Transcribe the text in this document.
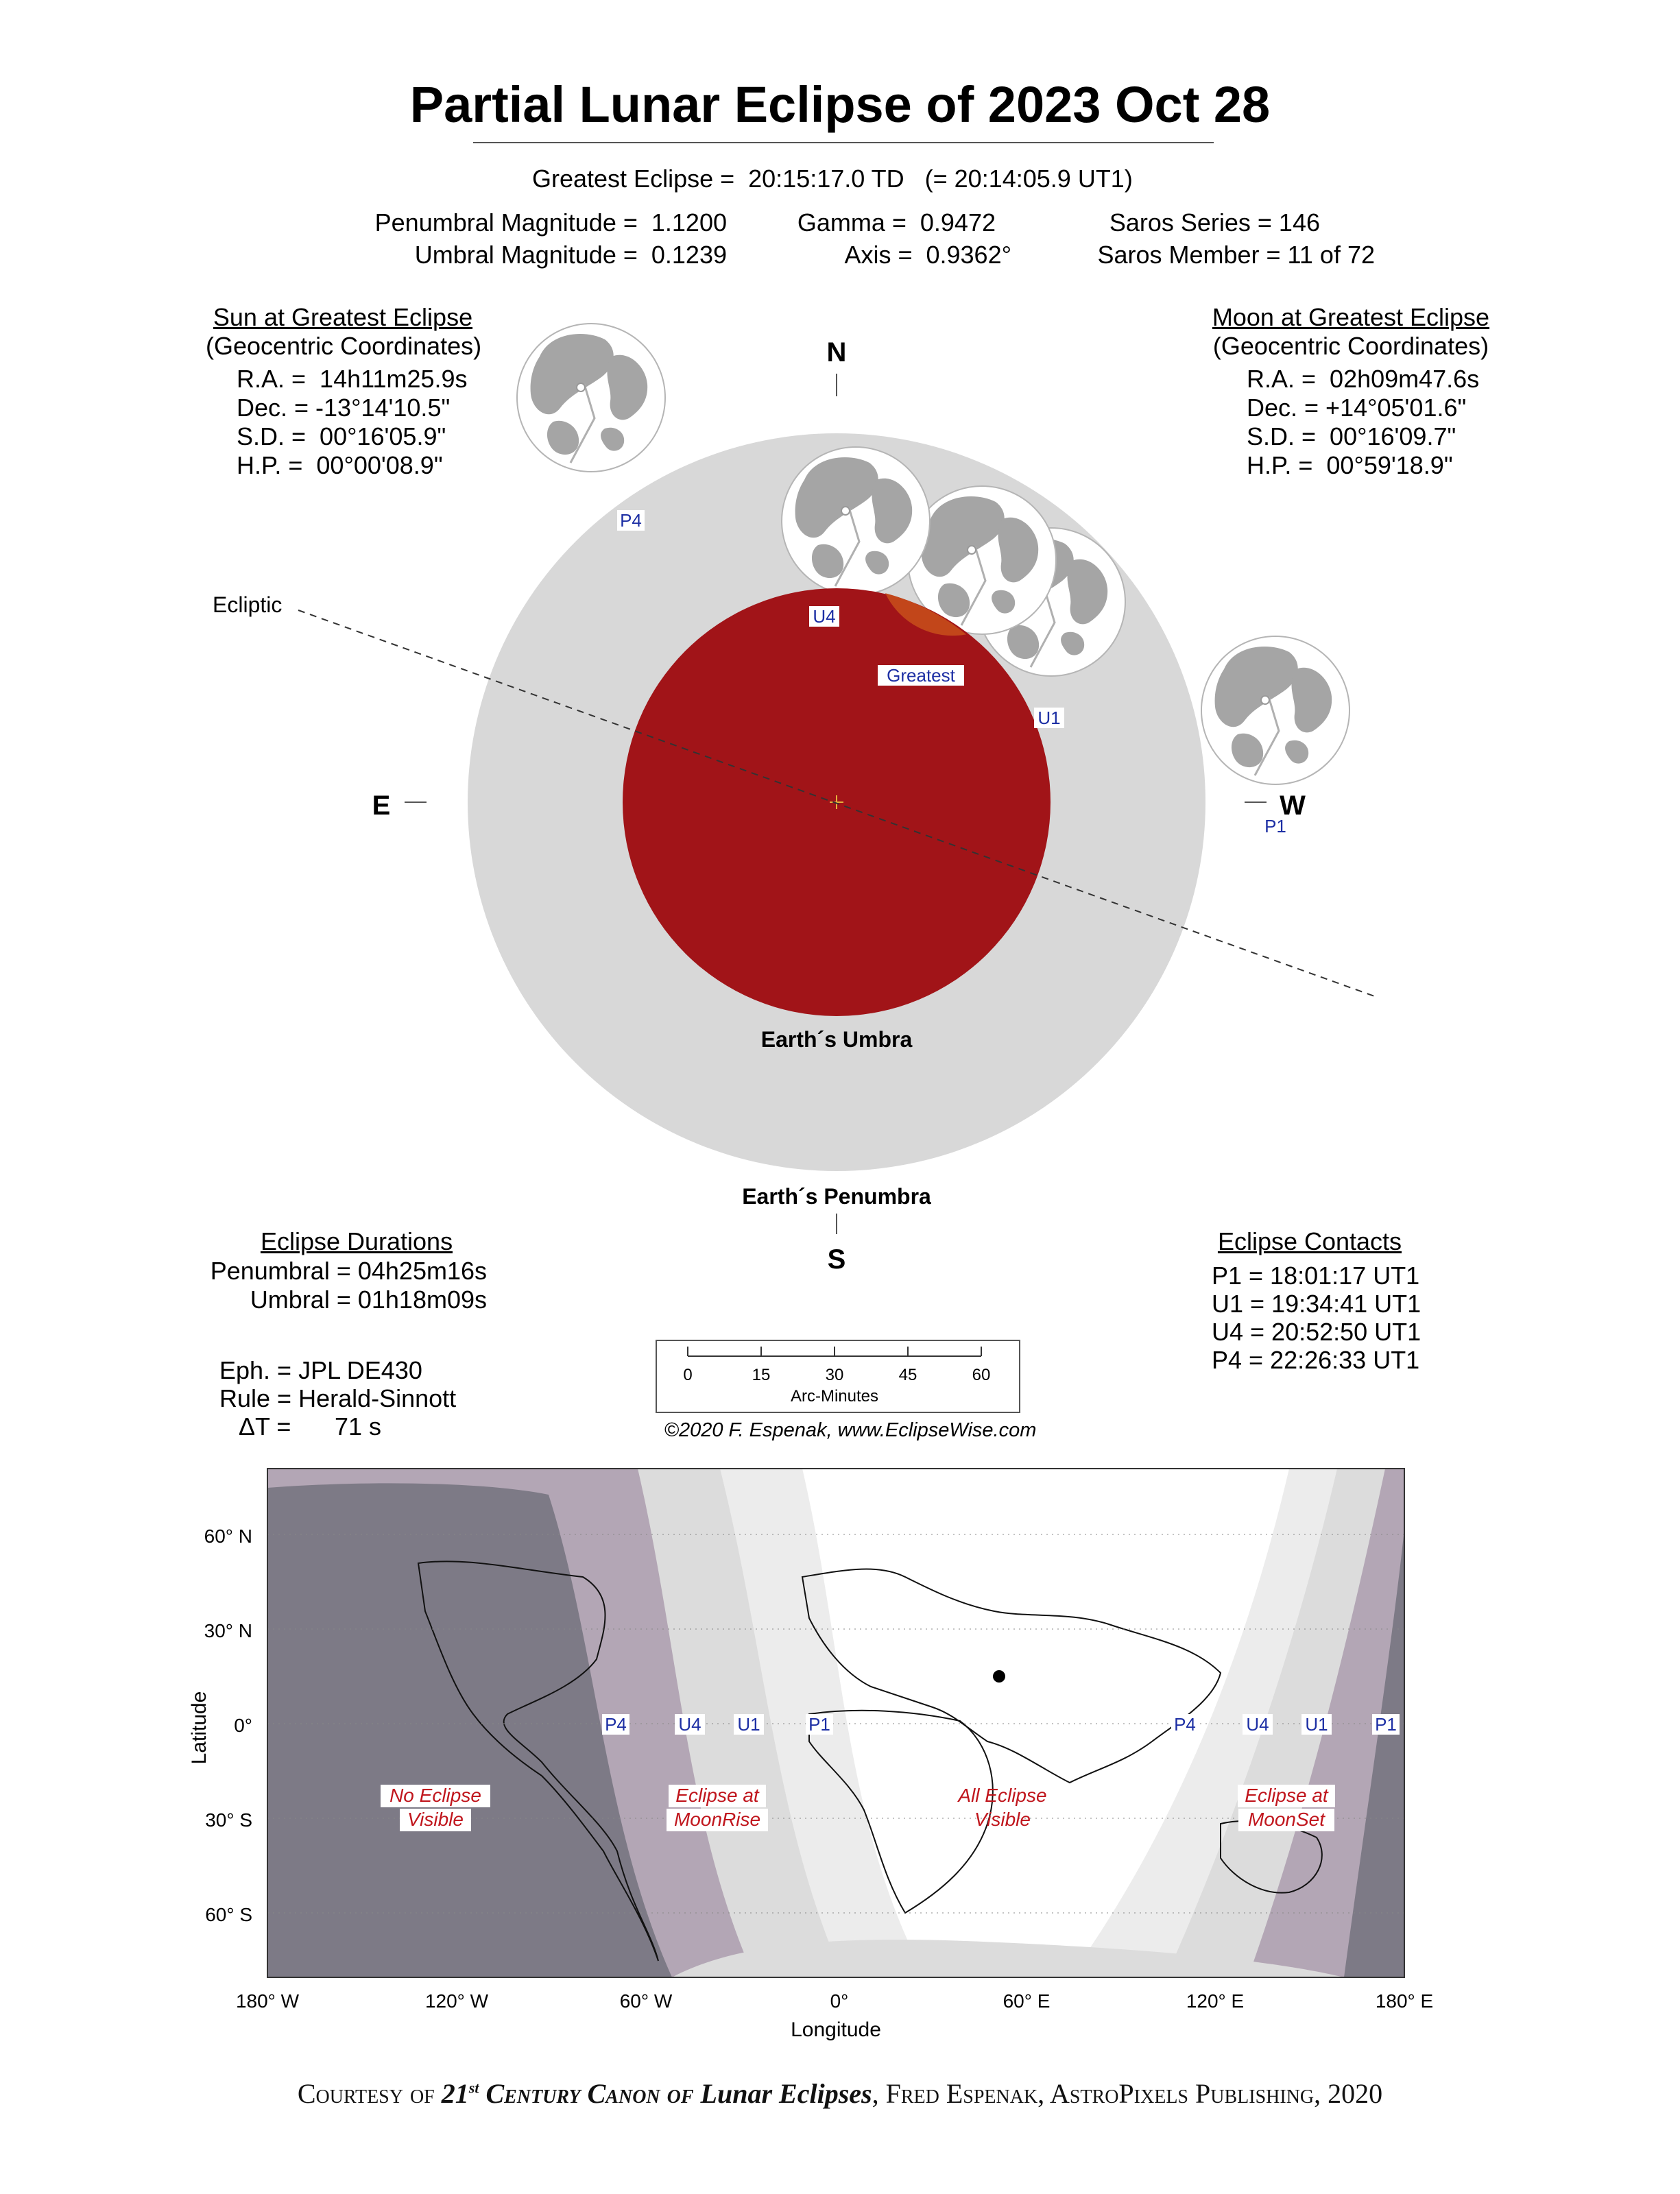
Partial Lunar Eclipse of 2023 Oct 28
Greatest Eclipse =  20:15:17.0 TD   (= 20:14:05.9 UT1)
Penumbral Magnitude =  1.1200
Umbral Magnitude =  0.1239
Gamma =  0.9472
Axis =  0.9362°
Saros Series = 146
Saros Member = 11 of 72
Sun at Greatest Eclipse
(Geocentric Coordinates)
R.A. =  14h11m25.9s
Dec. = -13°14'10.5"
S.D. =  00°16'05.9"
H.P. =  00°00'08.9"
Moon at Greatest Eclipse
(Geocentric Coordinates)
R.A. =  02h09m47.6s
Dec. = +14°05'01.6"
S.D. =  00°16'09.7"
H.P. =  00°59'18.9"
N
S
E	W
Ecliptic
Earth´s Umbra
Earth´s Penumbra
P4
U4
Greatest
U1
P1
0	15	30	45	60
Arc-Minutes
Eclipse Durations
Penumbral = 04h25m16s
Umbral = 01h18m09s
Eclipse Contacts
P1 = 18:01:17 UT1
U1 = 19:34:41 UT1
U4 = 20:52:50 UT1
P4 = 22:26:33 UT1
Eph. = JPL DE430
Rule = Herald-Sinnott
ΔT = 71 s	©2020 F. Espenak, www.EclipseWise.com
60° N
30° N
0°
30° S
60° S
Latitude
180° W	120° W	60° W	0°	60° E	120° E	180° E
Longitude
P4	U4 U1	P1	P4	U4 U1	P1
No Eclipse
Visible
Eclipse at
MoonRise
All Eclipse
Visible
Eclipse at
MoonSet
Courtesy of 21st Century Canon of Lunar Eclipses, Fred Espenak, AstroPixels Publishing, 2020
